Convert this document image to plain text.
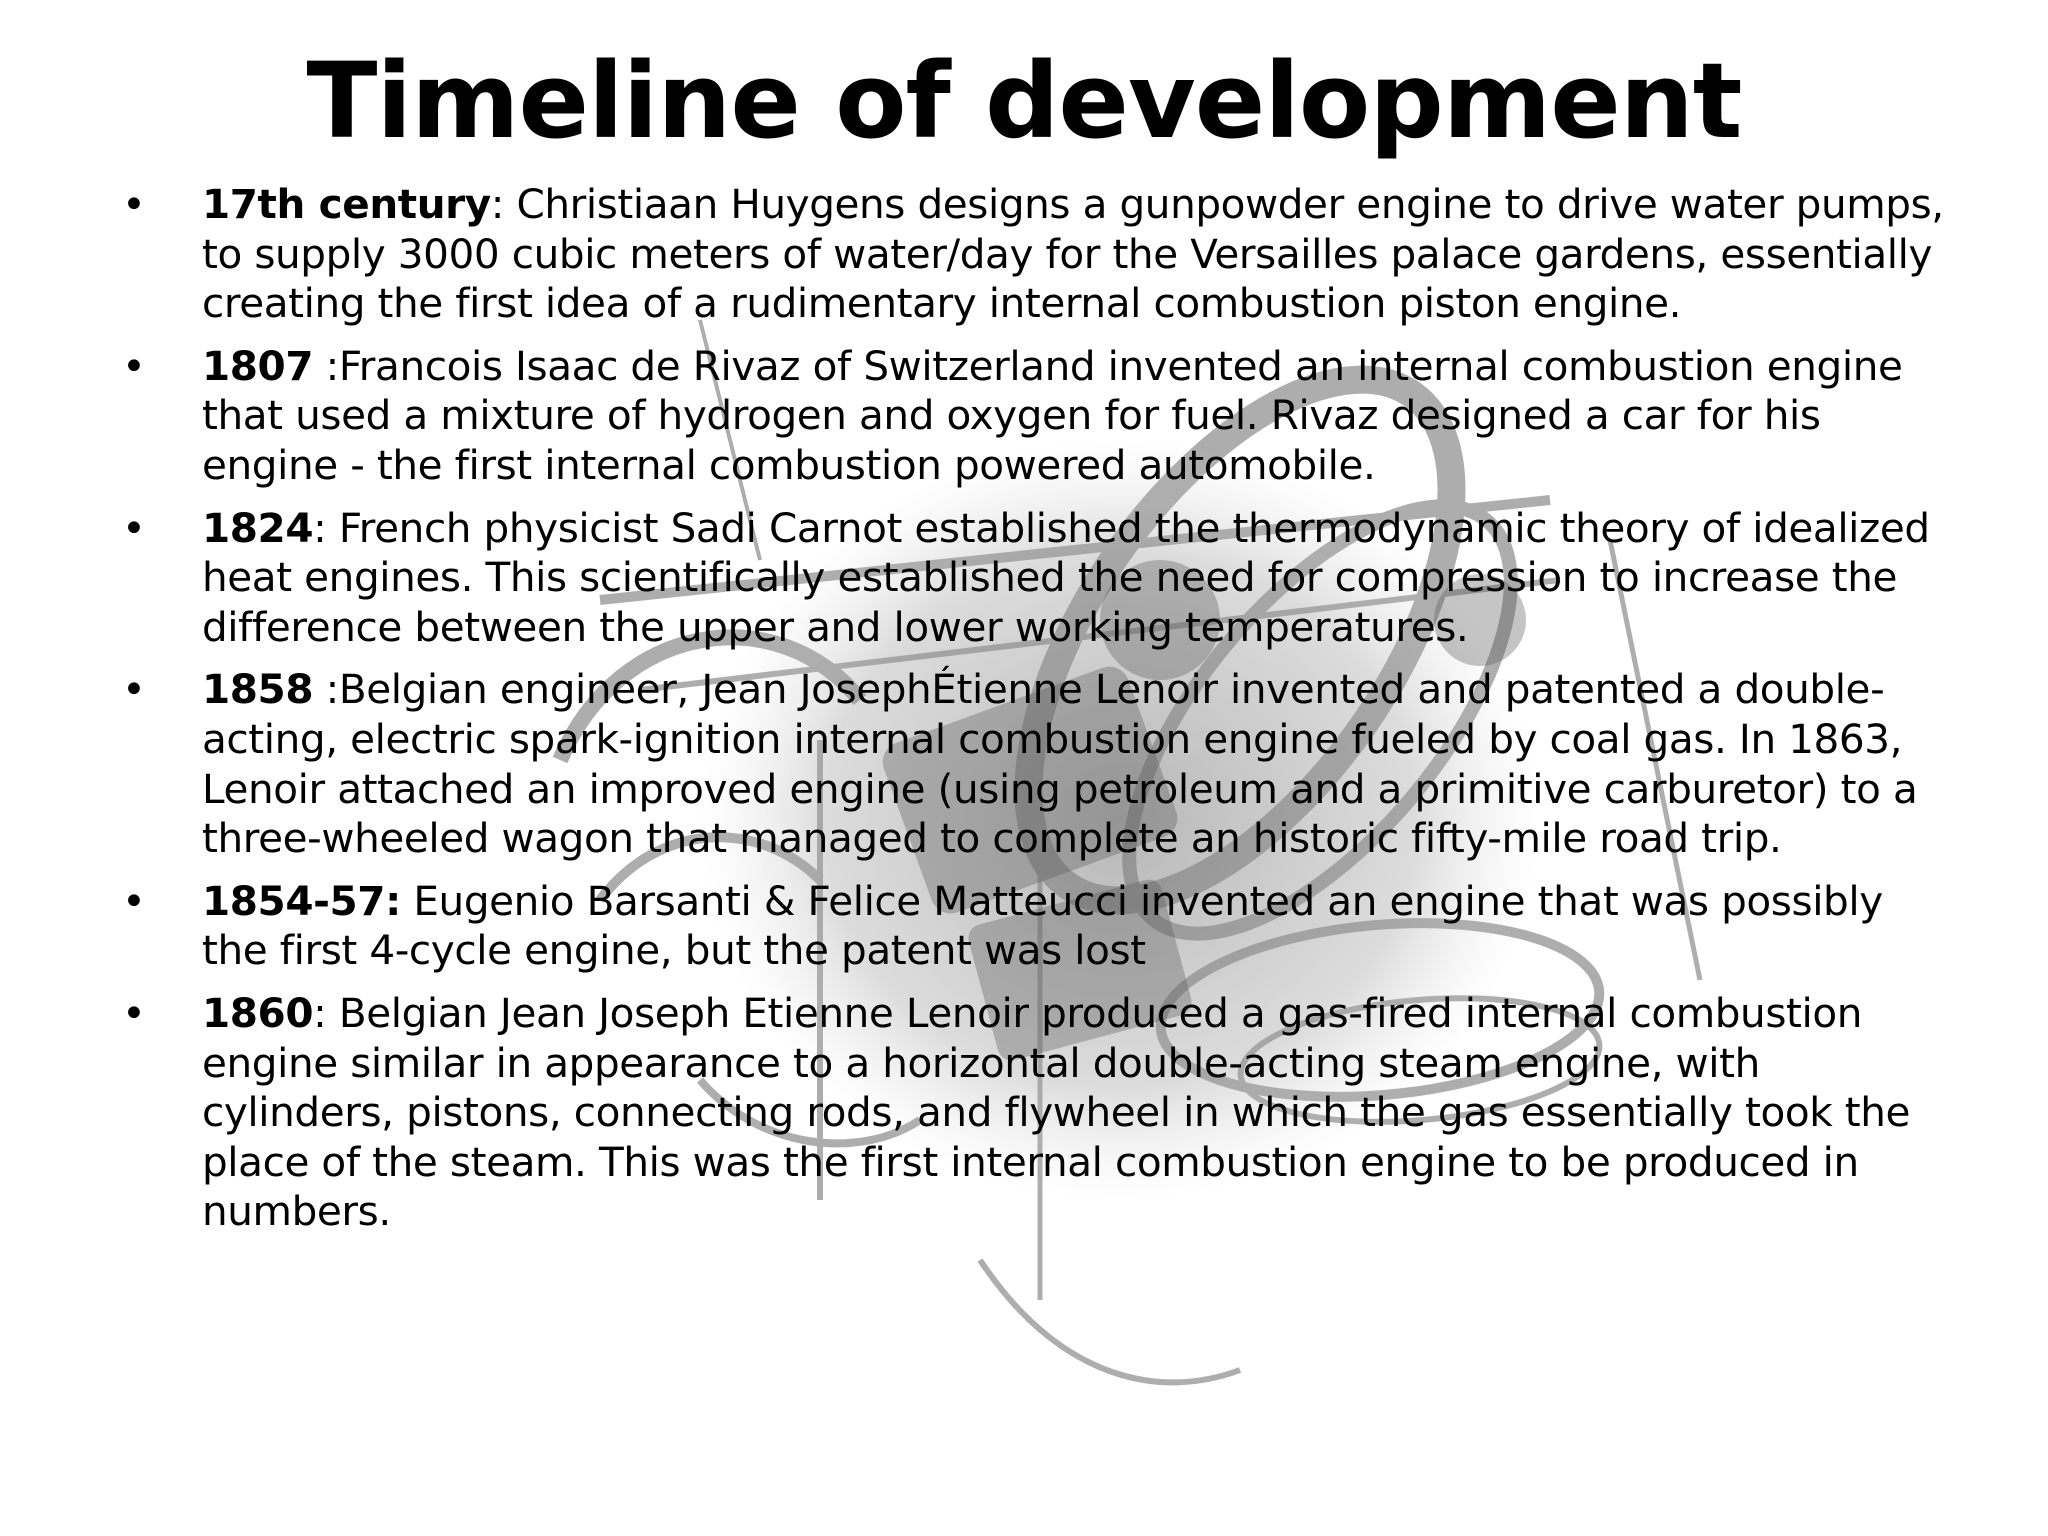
Timeline of development
•	17th century: Christiaan Huygens designs a gunpowder engine to drive water pumps, to supply 3000 cubic meters of water/day for the Versailles palace gardens, essentially creating the first idea of a rudimentary internal combustion piston engine.
•	1807 :Francois Isaac de Rivaz of Switzerland invented an internal combustion engine that used a mixture of hydrogen and oxygen for fuel. Rivaz designed a car for his engine - the first internal combustion powered automobile.
•	1824: French physicist Sadi Carnot established the thermodynamic theory of idealized heat engines. This scientifically established the need for compression to increase the difference between the upper and lower working temperatures.
•	1858 :Belgian engineer, Jean JosephÉtienne Lenoir invented and patented a double-acting, electric spark-ignition internal combustion engine fueled by coal gas. In 1863, Lenoir attached an improved engine (using petroleum and a primitive carburetor) to a three-wheeled wagon that managed to complete an historic fifty-mile road trip.
•	1854-57: Eugenio Barsanti & Felice Matteucci invented an engine that was possibly the first 4-cycle engine, but the patent was lost
•	1860: Belgian Jean Joseph Etienne Lenoir produced a gas-fired internal combustion engine similar in appearance to a horizontal double-acting steam engine, with cylinders, pistons, connecting rods, and flywheel in which the gas essentially took the place of the steam. This was the first internal combustion engine to be produced in numbers.
